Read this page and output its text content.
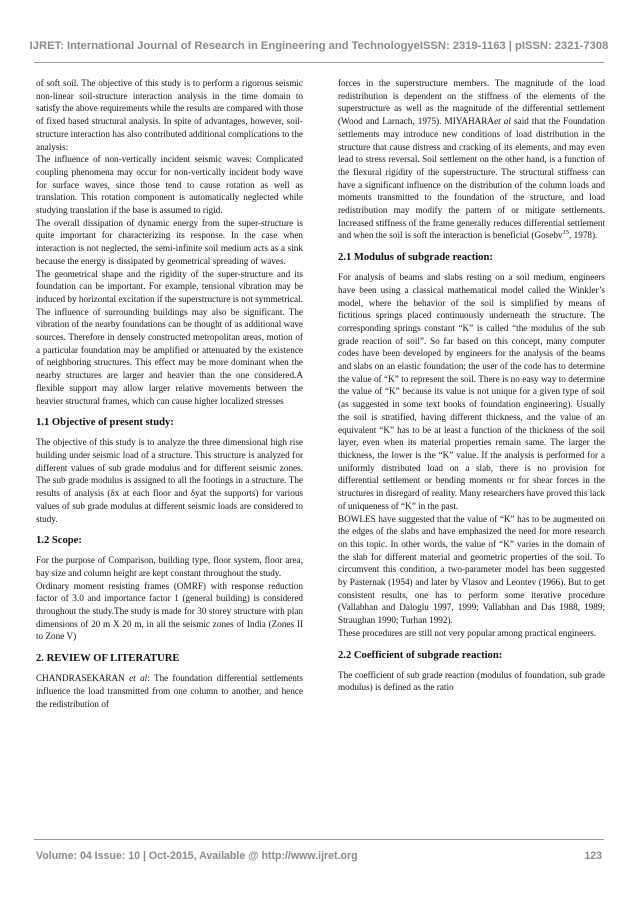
IJRET: International Journal of Research in Engineering and TechnologyeISSN: 2319-1163 | pISSN: 2321-7308

of soft soil. The objective of this study is to perform a rigorous seismic non-linear soil-structure interaction analysis in the time domain to satisfy the above requirements while the results are compared with those of fixed based structural analysis. In spite of advantages, however, soil-structure interaction has also contributed additional complications to the analysis:

The influence of non-vertically incident seismic waves: Complicated coupling phenomena may occur for non-vertically incident body wave for surface waves, since those tend to cause rotation as well as translation. This rotation component is automatically neglected while studying translation if the base is assumed to rigid.

The overall dissipation of dynamic energy from the super-structure is quite important for characterizing its response. In the case when interaction is not neglected, the semi-infinite soil medium acts as a sink because the energy is dissipated by geometrical spreading of waves.

The geometrical shape and the rigidity of the super-structure and its foundation can be important. For example, tensional vibration may be induced by horizontal excitation if the superstructure is not symmetrical.

The influence of surrounding buildings may also be significant. The vibration of the nearby foundations can be thought of as additional wave sources. Therefore in densely constructed metropolitan areas, motion of a particular foundation may be amplified or attenuated by the existence of neighboring structures. This effect may be more dominant when the nearby structures are larger and heavier than the one considered.A flexible support may allow larger relative movements between the heavier structural frames, which can cause higher localized stresses

1.1 Objective of present study:

The objective of this study is to analyze the three dimensional high rise building under seismic load of a structure. This structure is analyzed for different values of sub grade modulus and for different seismic zones. The sub grade modulus is assigned to all the footings in a structure. The results of analysis (δx at each floor and δyat the supports) for various values of sub grade modulus at different seismic loads are considered to study.

1.2 Scope:

For the purpose of Comparison, building type, floor system, floor area, bay size and column height are kept constant throughout the study.

Ordinary moment resisting frames (OMRF) with response reduction factor of 3.0 and importance factor 1 (general building) is considered throughout the study.The study is made for 30 storey structure with plan dimensions of 20 m X 20 m, in all the seismic zones of India (Zones II to Zone V)

2. REVIEW OF LITERATURE

CHANDRASEKARAN et al: The foundation differential settlements influence the load transmitted from one column to another, and hence the redistribution of

forces in the superstructure members. The magnitude of the load redistribution is dependent on the stiffness of the elements of the superstructure as well as the magnitude of the differential settlement (Wood and Larnach, 1975). MIYAHARAet al said that the Foundation settlements may introduce new conditions of load distribution in the structure that cause distress and cracking of its elements, and may even lead to stress reversal. Soil settlement on the other hand, is a function of the flexural rigidity of the superstructure. The structural stiffness can have a significant influence on the distribution of the column loads and moments transmitted to the foundation of the structure, and load redistribution may modify the pattern of or mitigate settlements. Increased stiffness of the frame generally reduces differential settlement and when the soil is soft the interaction is beneficial (Gosebv$^{15}$, 1978).

2.1 Modulus of subgrade reaction:

For analysis of beams and slabs resting on a soil medium, engineers have been using a classical mathematical model called the Winkler’s model, where the behavior of the soil is simplified by means of fictitious springs placed continuously underneath the structure. The corresponding springs constant “K” is called “the modulus of the sub grade reaction of soil”. So far based on this concept, many computer codes have been developed by engineers for the analysis of the beams and slabs on an elastic foundation; the user of the code has to determine the value of “K” to represent the soil. There is no easy way to determine the value of “K” because its value is not unique for a given type of soil (as suggested in some text books of foundation engineering). Usually the soil is stratified, having different thickness, and the value of an equivalent “K” has to be at least a function of the thickness of the soil layer, even when its material properties remain same. The larger the thickness, the lower is the “K” value. If the analysis is performed for a uniformly distributed load on a slab, there is no provision for differential settlement or bending moments or for shear forces in the structures in disregard of reality. Many researchers have proved this lack of uniqueness of “K” in the past.

BOWLES have suggested that the value of “K” has to be augmented on the edges of the slabs and have emphasized the need for more research on this topic. In other words, the value of “K” varies in the domain of the slab for different material and geometric properties of the soil. To circumvent this condition, a two-parameter model has been suggested by Pasternak (1954) and later by Vlasov and Leontev (1966). But to get consistent results, one has to perform some iterative procedure (Vallabhan and Daloglu 1997, 1999; Vallabhan and Das 1988, 1989; Straughan 1990; Turhan 1992).

These procedures are still not very popular among practical engineers.

2.2 Coefficient of subgrade reaction:

The coefficient of sub grade reaction (modulus of foundation, sub grade modulus) is defined as the ratio

Volume: 04 Issue: 10 | Oct-2015, Available @ http://www.ijret.org	123
